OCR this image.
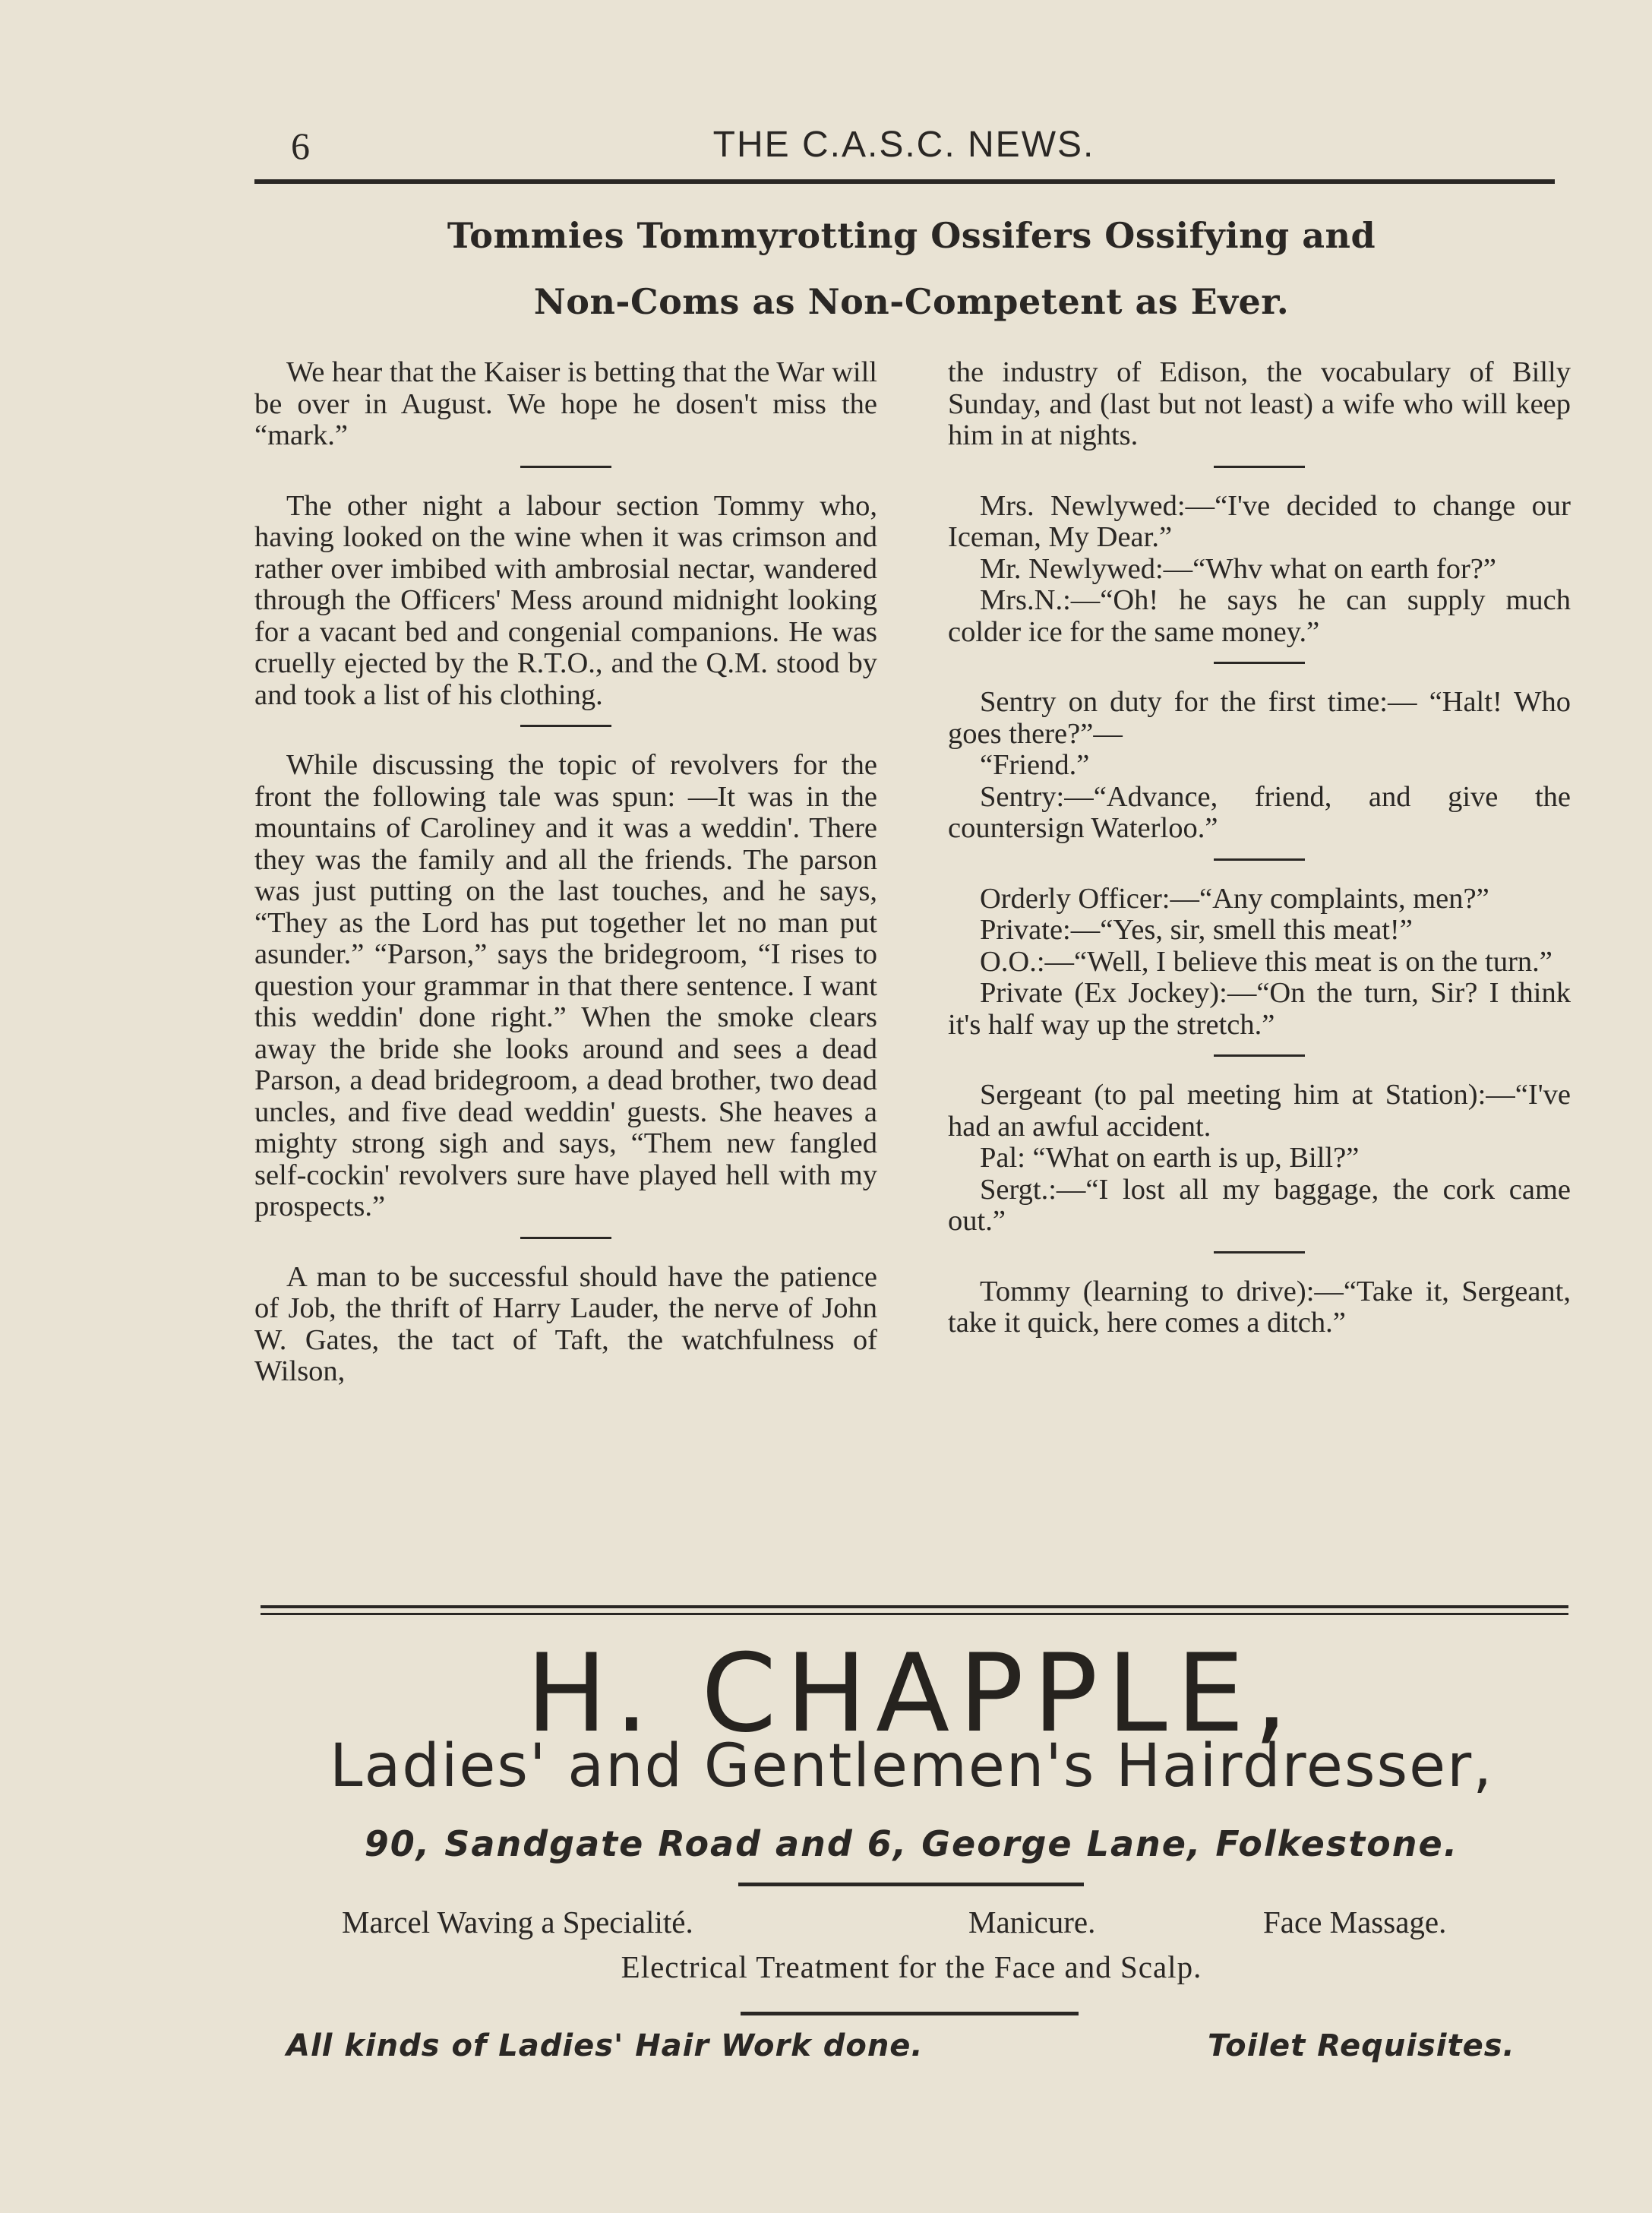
6	THE C.A.S.C. NEWS.
Tommies Tommyrotting Ossifers Ossifying and
Non-Coms as Non-Competent as Ever.

We hear that the Kaiser is betting that the War will be over in August. We hope he dosen't miss the “mark.”

The other night a labour section Tommy who, having looked on the wine when it was crimson and rather over imbibed with ambrosial nectar, wandered through the Officers' Mess around midnight looking for a vacant bed and congenial companions. He was cruelly ejected by the R.T.O., and the Q.M. stood by and took a list of his clothing.

While discussing the topic of revolvers for the front the following tale was spun: —It was in the mountains of Caroliney and it was a weddin'. There they was the family and all the friends. The parson was just putting on the last touches, and he says, “They as the Lord has put together let no man put asunder.” “Parson,” says the bridegroom, “I rises to question your grammar in that there sentence. I want this weddin' done right.” When the smoke clears away the bride she looks around and sees a dead Parson, a dead bridegroom, a dead brother, two dead uncles, and five dead weddin' guests. She heaves a mighty strong sigh and says, “Them new fangled self-cockin' revolvers sure have played hell with my prospects.”

A man to be successful should have the patience of Job, the thrift of Harry Lauder, the nerve of John W. Gates, the tact of Taft, the watchfulness of Wilson,

the industry of Edison, the vocabulary of Billy Sunday, and (last but not least) a wife who will keep him in at nights.

Mrs. Newlywed:—“I've decided to change our Iceman, My Dear.”

Mr. Newlywed:—“Whv what on earth for?”

Mrs.N.:—“Oh! he says he can supply much colder ice for the same money.”

Sentry on duty for the first time:— “Halt! Who goes there?”—

“Friend.”

Sentry:—“Advance, friend, and give the countersign Waterloo.”

Orderly Officer:—“Any complaints, men?”

Private:—“Yes, sir, smell this meat!”

O.O.:—“Well, I believe this meat is on the turn.”

Private (Ex Jockey):—“On the turn, Sir? I think it's half way up the stretch.”

Sergeant (to pal meeting him at Station):—“I've had an awful accident.

Pal: “What on earth is up, Bill?”

Sergt.:—“I lost all my baggage, the cork came out.”

Tommy (learning to drive):—“Take it, Sergeant, take it quick, here comes a ditch.”

H. CHAPPLE,
Ladies' and Gentlemen's Hairdresser,
90, Sandgate Road and 6, George Lane, Folkestone.
Marcel Waving a Specialité.	Manicure.	Face Massage.
Electrical Treatment for the Face and Scalp.
All kinds of Ladies' Hair Work done.	Toilet Requisites.
